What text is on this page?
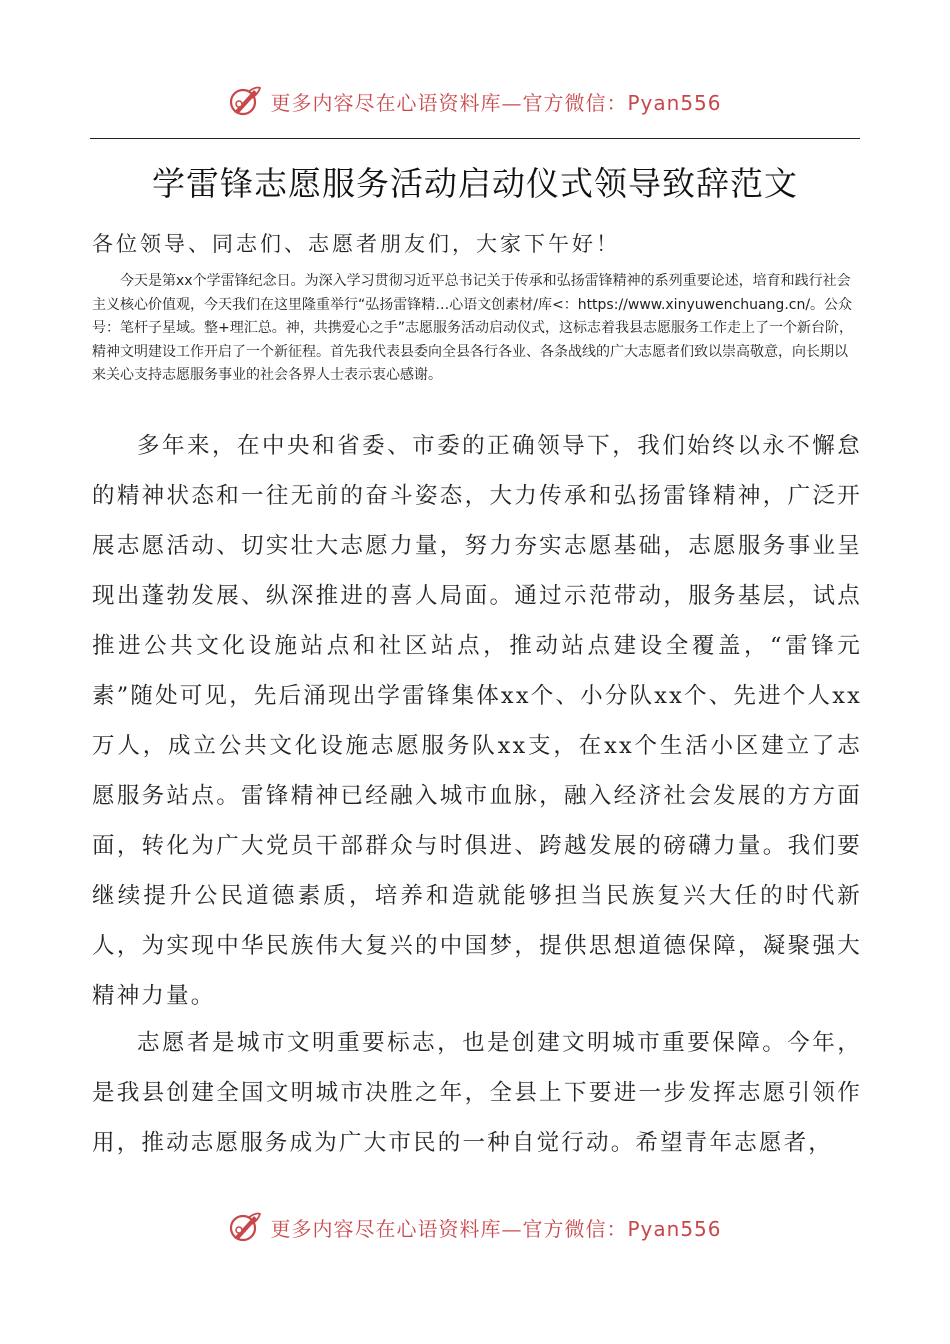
更多内容尽在心语资料库—官方微信：Pyan556
学雷锋志愿服务活动启动仪式领导致辞范文
各位领导、同志们、志愿者朋友们，大家下午好！

今天是第xx个学雷锋纪念日。为深入学习贯彻习近平总书记关于传承和弘扬雷锋精神的系列重要论述，培育和践行社会主义核心价值观，今天我们在这里隆重举行“弘扬雷锋精…心语文创素材/库<：https://www.xinyuwenchuang.cn/。公众号：笔杆子星域。整+理汇总。神，共携爱心之手”志愿服务活动启动仪式，这标志着我县志愿服务工作走上了一个新台阶，精神文明建设工作开启了一个新征程。首先我代表县委向全县各行各业、各条战线的广大志愿者们致以崇高敬意，向长期以来关心支持志愿服务事业的社会各界人士表示衷心感谢。

多年来，在中央和省委、市委的正确领导下，我们始终以永不懈怠的精神状态和一往无前的奋斗姿态，大力传承和弘扬雷锋精神，广泛开展志愿活动、切实壮大志愿力量，努力夯实志愿基础，志愿服务事业呈现出蓬勃发展、纵深推进的喜人局面。通过示范带动，服务基层，试点推进公共文化设施站点和社区站点，推动站点建设全覆盖，“雷锋元素”随处可见，先后涌现出学雷锋集体xx个、小分队xx个、先进个人xx万人，成立公共文化设施志愿服务队xx支，在xx个生活小区建立了志愿服务站点。雷锋精神已经融入城市血脉，融入经济社会发展的方方面面，转化为广大党员干部群众与时俱进、跨越发展的磅礴力量。我们要继续提升公民道德素质，培养和造就能够担当民族复兴大任的时代新人，为实现中华民族伟大复兴的中国梦，提供思想道德保障，凝聚强大精神力量。

志愿者是城市文明重要标志，也是创建文明城市重要保障。今年，是我县创建全国文明城市决胜之年，全县上下要进一步发挥志愿引领作用，推动志愿服务成为广大市民的一种自觉行动。希望青年志愿者，

更多内容尽在心语资料库—官方微信：Pyan556
